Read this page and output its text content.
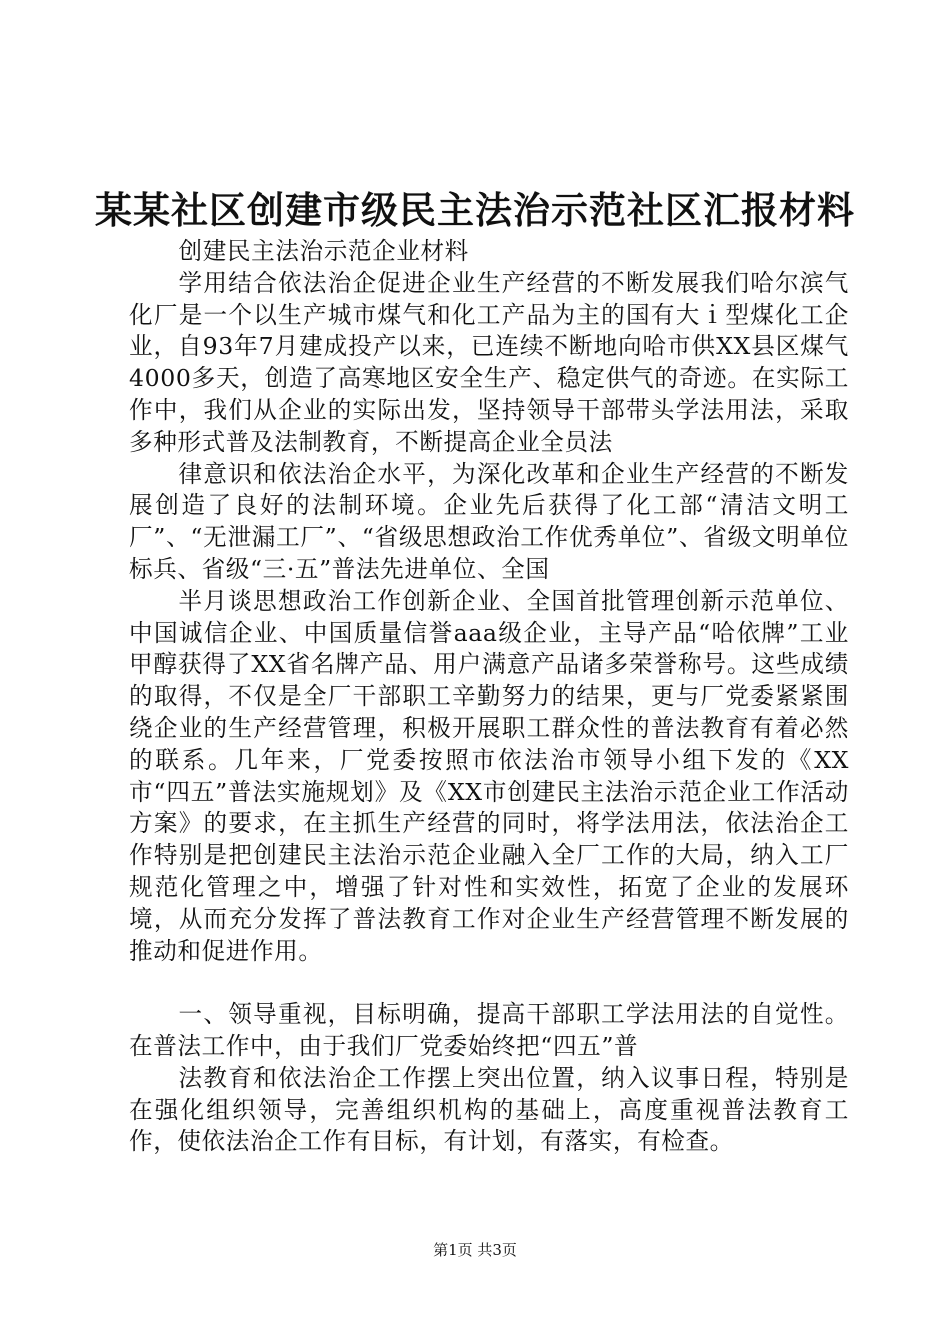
某某社区创建市级民主法治示范社区汇报材料

创建民主法治示范企业材料

学用结合依法治企促进企业生产经营的不断发展我们哈尔滨气化厂是一个以生产城市煤气和化工产品为主的国有大ｉ型煤化工企业，自93年7月建成投产以来，已连续不断地向哈市供XX县区煤气4000多天，创造了高寒地区安全生产、稳定供气的奇迹。在实际工作中，我们从企业的实际出发，坚持领导干部带头学法用法，采取多种形式普及法制教育，不断提高企业全员法

律意识和依法治企水平，为深化改革和企业生产经营的不断发展创造了良好的法制环境。企业先后获得了化工部“清洁文明工厂”、“无泄漏工厂”、“省级思想政治工作优秀单位”、省级文明单位标兵、省级“三·五”普法先进单位、全国

半月谈思想政治工作创新企业、全国首批管理创新示范单位、中国诚信企业、中国质量信誉aaa级企业，主导产品“哈依牌”工业甲醇获得了XX省名牌产品、用户满意产品诸多荣誉称号。这些成绩的取得，不仅是全厂干部职工辛勤努力的结果，更与厂党委紧紧围绕企业的生产经营管理，积极开展职工群众性的普法教育有着必然的联系。几年来，厂党委按照市依法治市领导小组下发的《XX市“四五”普法实施规划》及《XX市创建民主法治示范企业工作活动方案》的要求，在主抓生产经营的同时，将学法用法，依法治企工作特别是把创建民主法治示范企业融入全厂工作的大局，纳入工厂规范化管理之中，增强了针对性和实效性，拓宽了企业的发展环境，从而充分发挥了普法教育工作对企业生产经营管理不断发展的推动和促进作用。

一、领导重视，目标明确，提高干部职工学法用法的自觉性。在普法工作中，由于我们厂党委始终把“四五”普

法教育和依法治企工作摆上突出位置，纳入议事日程，特别是在强化组织领导，完善组织机构的基础上，高度重视普法教育工作，使依法治企工作有目标，有计划，有落实，有检查。

第1页 共3页
